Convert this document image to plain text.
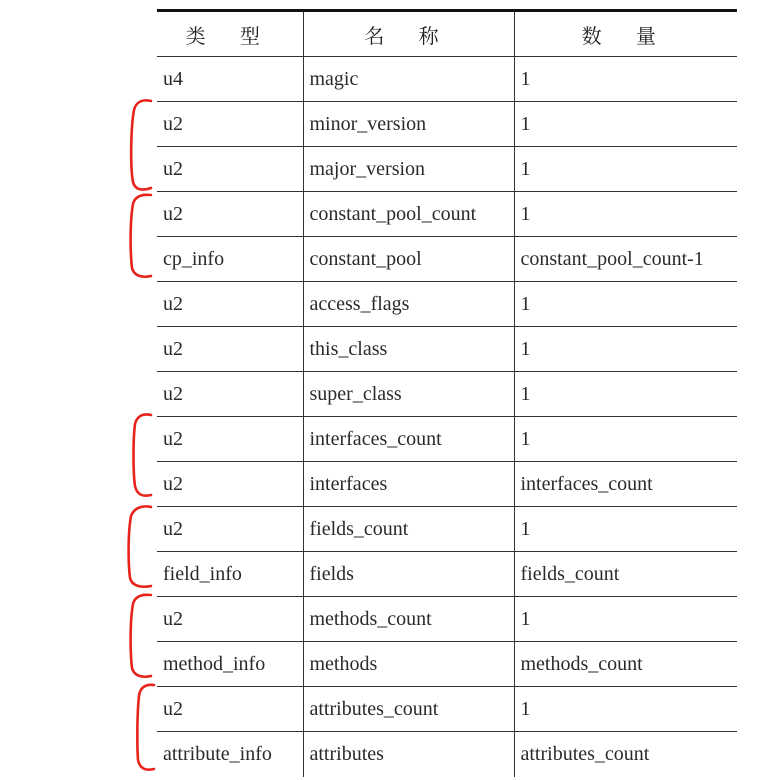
类 型	名 称	数 量
u4	magic	1
u2	minor_version	1
u2	major_version	1
u2	constant_pool_count	1
cp_info	constant_pool	constant_pool_count-1
u2	access_flags	1
u2	this_class	1
u2	super_class	1
u2	interfaces_count	1
u2	interfaces	interfaces_count
u2	fields_count	1
field_info	fields	fields_count
u2	methods_count	1
method_info	methods	methods_count
u2	attributes_count	1
attribute_info	attributes	attributes_count
